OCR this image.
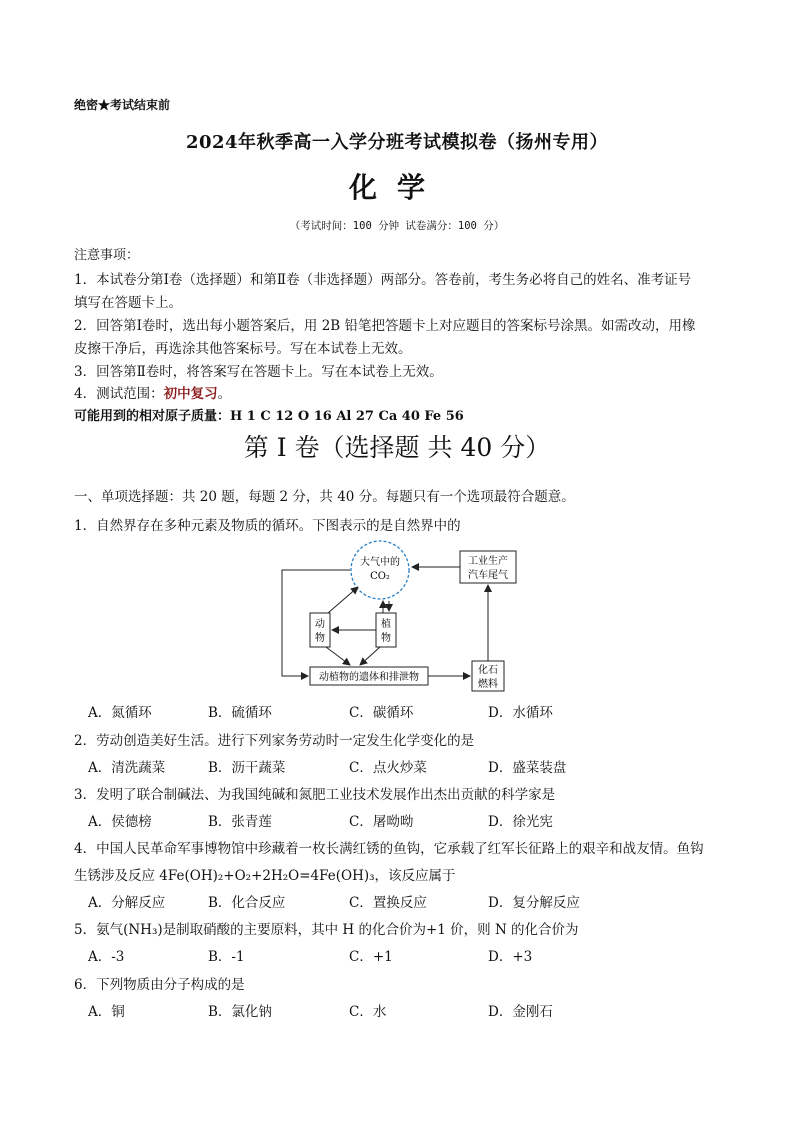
绝密★考试结束前
2024年秋季高一入学分班考试模拟卷（扬州专用）
化学
（考试时间：100 分钟 试卷满分：100 分）
注意事项：
1．本试卷分第Ⅰ卷（选择题）和第Ⅱ卷（非选择题）两部分。答卷前，考生务必将自己的姓名、准考证号
填写在答题卡上。
2．回答第Ⅰ卷时，选出每小题答案后，用 2B 铅笔把答题卡上对应题目的答案标号涂黑。如需改动，用橡
皮擦干净后，再选涂其他答案标号。写在本试卷上无效。
3．回答第Ⅱ卷时，将答案写在答题卡上。写在本试卷上无效。
4．测试范围：初中复习。
可能用到的相对原子质量：H 1 C 12 O 16 Al 27 Ca 40 Fe 56
第 I 卷（选择题 共 40 分）
一、单项选择题：共 20 题，每题 2 分，共 40 分。每题只有一个选项最符合题意。
1．自然界存在多种元素及物质的循环。下图表示的是自然界中的
大气中的
CO₂
工业生产
汽车尾气
动
物
植
物
动植物的遗体和排泄物
化石
燃料
A．氮循环	B．硫循环	C．碳循环	D．水循环
2．劳动创造美好生活。进行下列家务劳动时一定发生化学变化的是
A．清洗蔬菜	B．沥干蔬菜	C．点火炒菜	D．盛菜装盘
3．发明了联合制碱法、为我国纯碱和氮肥工业技术发展作出杰出贡献的科学家是
A．侯德榜	B．张青莲	C．屠呦呦	D．徐光宪
4．中国人民革命军事博物馆中珍藏着一枚长满红锈的鱼钩，它承载了红军长征路上的艰辛和战友情。鱼钩
生锈涉及反应 4Fe(OH)₂+O₂+2H₂O=4Fe(OH)₃，该反应属于
A．分解反应	B．化合反应	C．置换反应	D．复分解反应
5．氨气(NH₃)是制取硝酸的主要原料，其中 H 的化合价为+1 价，则 N 的化合价为
A．-3	B．-1	C．+1	D．+3
6．下列物质由分子构成的是
A．铜	B．氯化钠	C．水	D．金刚石
